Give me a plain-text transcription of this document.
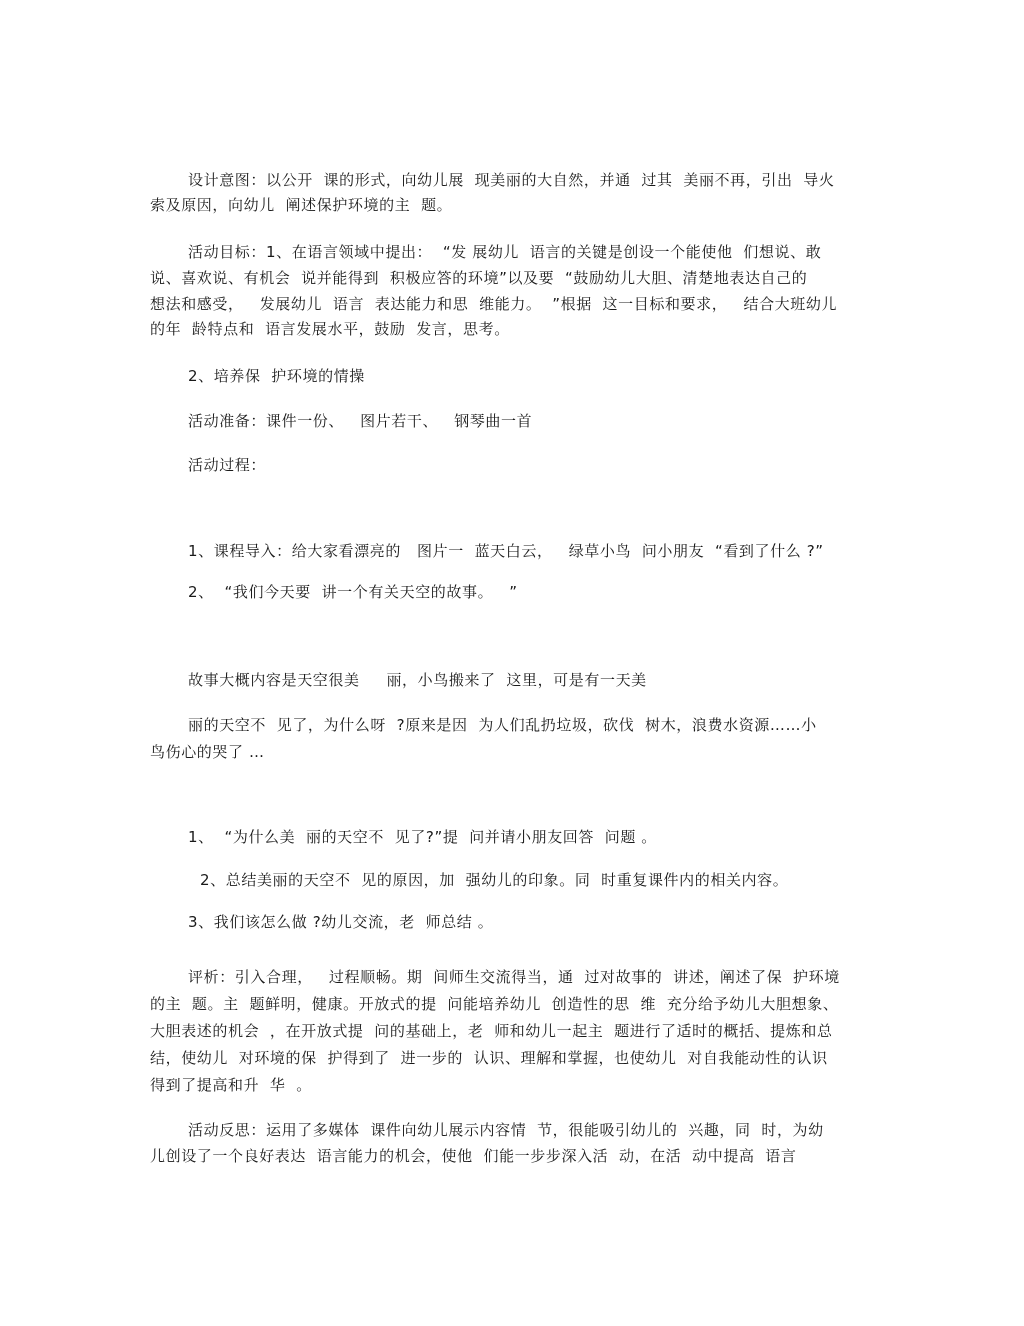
设计意图：以公开  课的形式，向幼儿展  现美丽的大自然，并通  过其  美丽不再，引出  导火
索及原因，向幼儿  阐述保护环境的主  题。
活动目标：1、在语言领域中提出：  “发 展幼儿  语言的关键是创设一个能使他  们想说、敢
说、喜欢说、有机会  说并能得到  积极应答的环境”以及要  “鼓励幼儿大胆、清楚地表达自己的
想法和感受，   发展幼儿  语言  表达能力和思  维能力。  ”根据  这一目标和要求，   结合大班幼儿
的年  龄特点和  语言发展水平，鼓励  发言，思考。
2、培养保  护环境的情操
活动准备：课件一份、   图片若干、   钢琴曲一首
活动过程：
1、课程导入：给大家看漂亮的   图片一  蓝天白云，   绿草小鸟  问小朋友  “看到了什么 ?”
2、  “我们今天要  讲一个有关天空的故事。   ”
故事大概内容是天空很美     丽，小鸟搬来了  这里，可是有一天美
丽的天空不  见了，为什么呀  ?原来是因  为人们乱扔垃圾，砍伐  树木，浪费水资源……小
鸟伤心的哭了 …
1、  “为什么美  丽的天空不  见了?”提  问并请小朋友回答  问题 。
2、总结美丽的天空不  见的原因，加  强幼儿的印象。同  时重复课件内的相关内容。
3、我们该怎么做 ?幼儿交流，老  师总结 。
评析：引入合理，   过程顺畅。期  间师生交流得当，通  过对故事的  讲述，阐述了保  护环境
的主  题。主  题鲜明，健康。开放式的提  问能培养幼儿  创造性的思  维  充分给予幼儿大胆想象、
大胆表述的机会  ，在开放式提  问的基础上，老  师和幼儿一起主  题进行了适时的概括、提炼和总
结，使幼儿  对环境的保  护得到了  进一步的  认识、理解和掌握，也使幼儿  对自我能动性的认识
得到了提高和升  华  。
活动反思：运用了多媒体  课件向幼儿展示内容情  节，很能吸引幼儿的  兴趣，同  时，为幼
儿创设了一个良好表达  语言能力的机会，使他  们能一步步深入活  动，在活  动中提高  语言
